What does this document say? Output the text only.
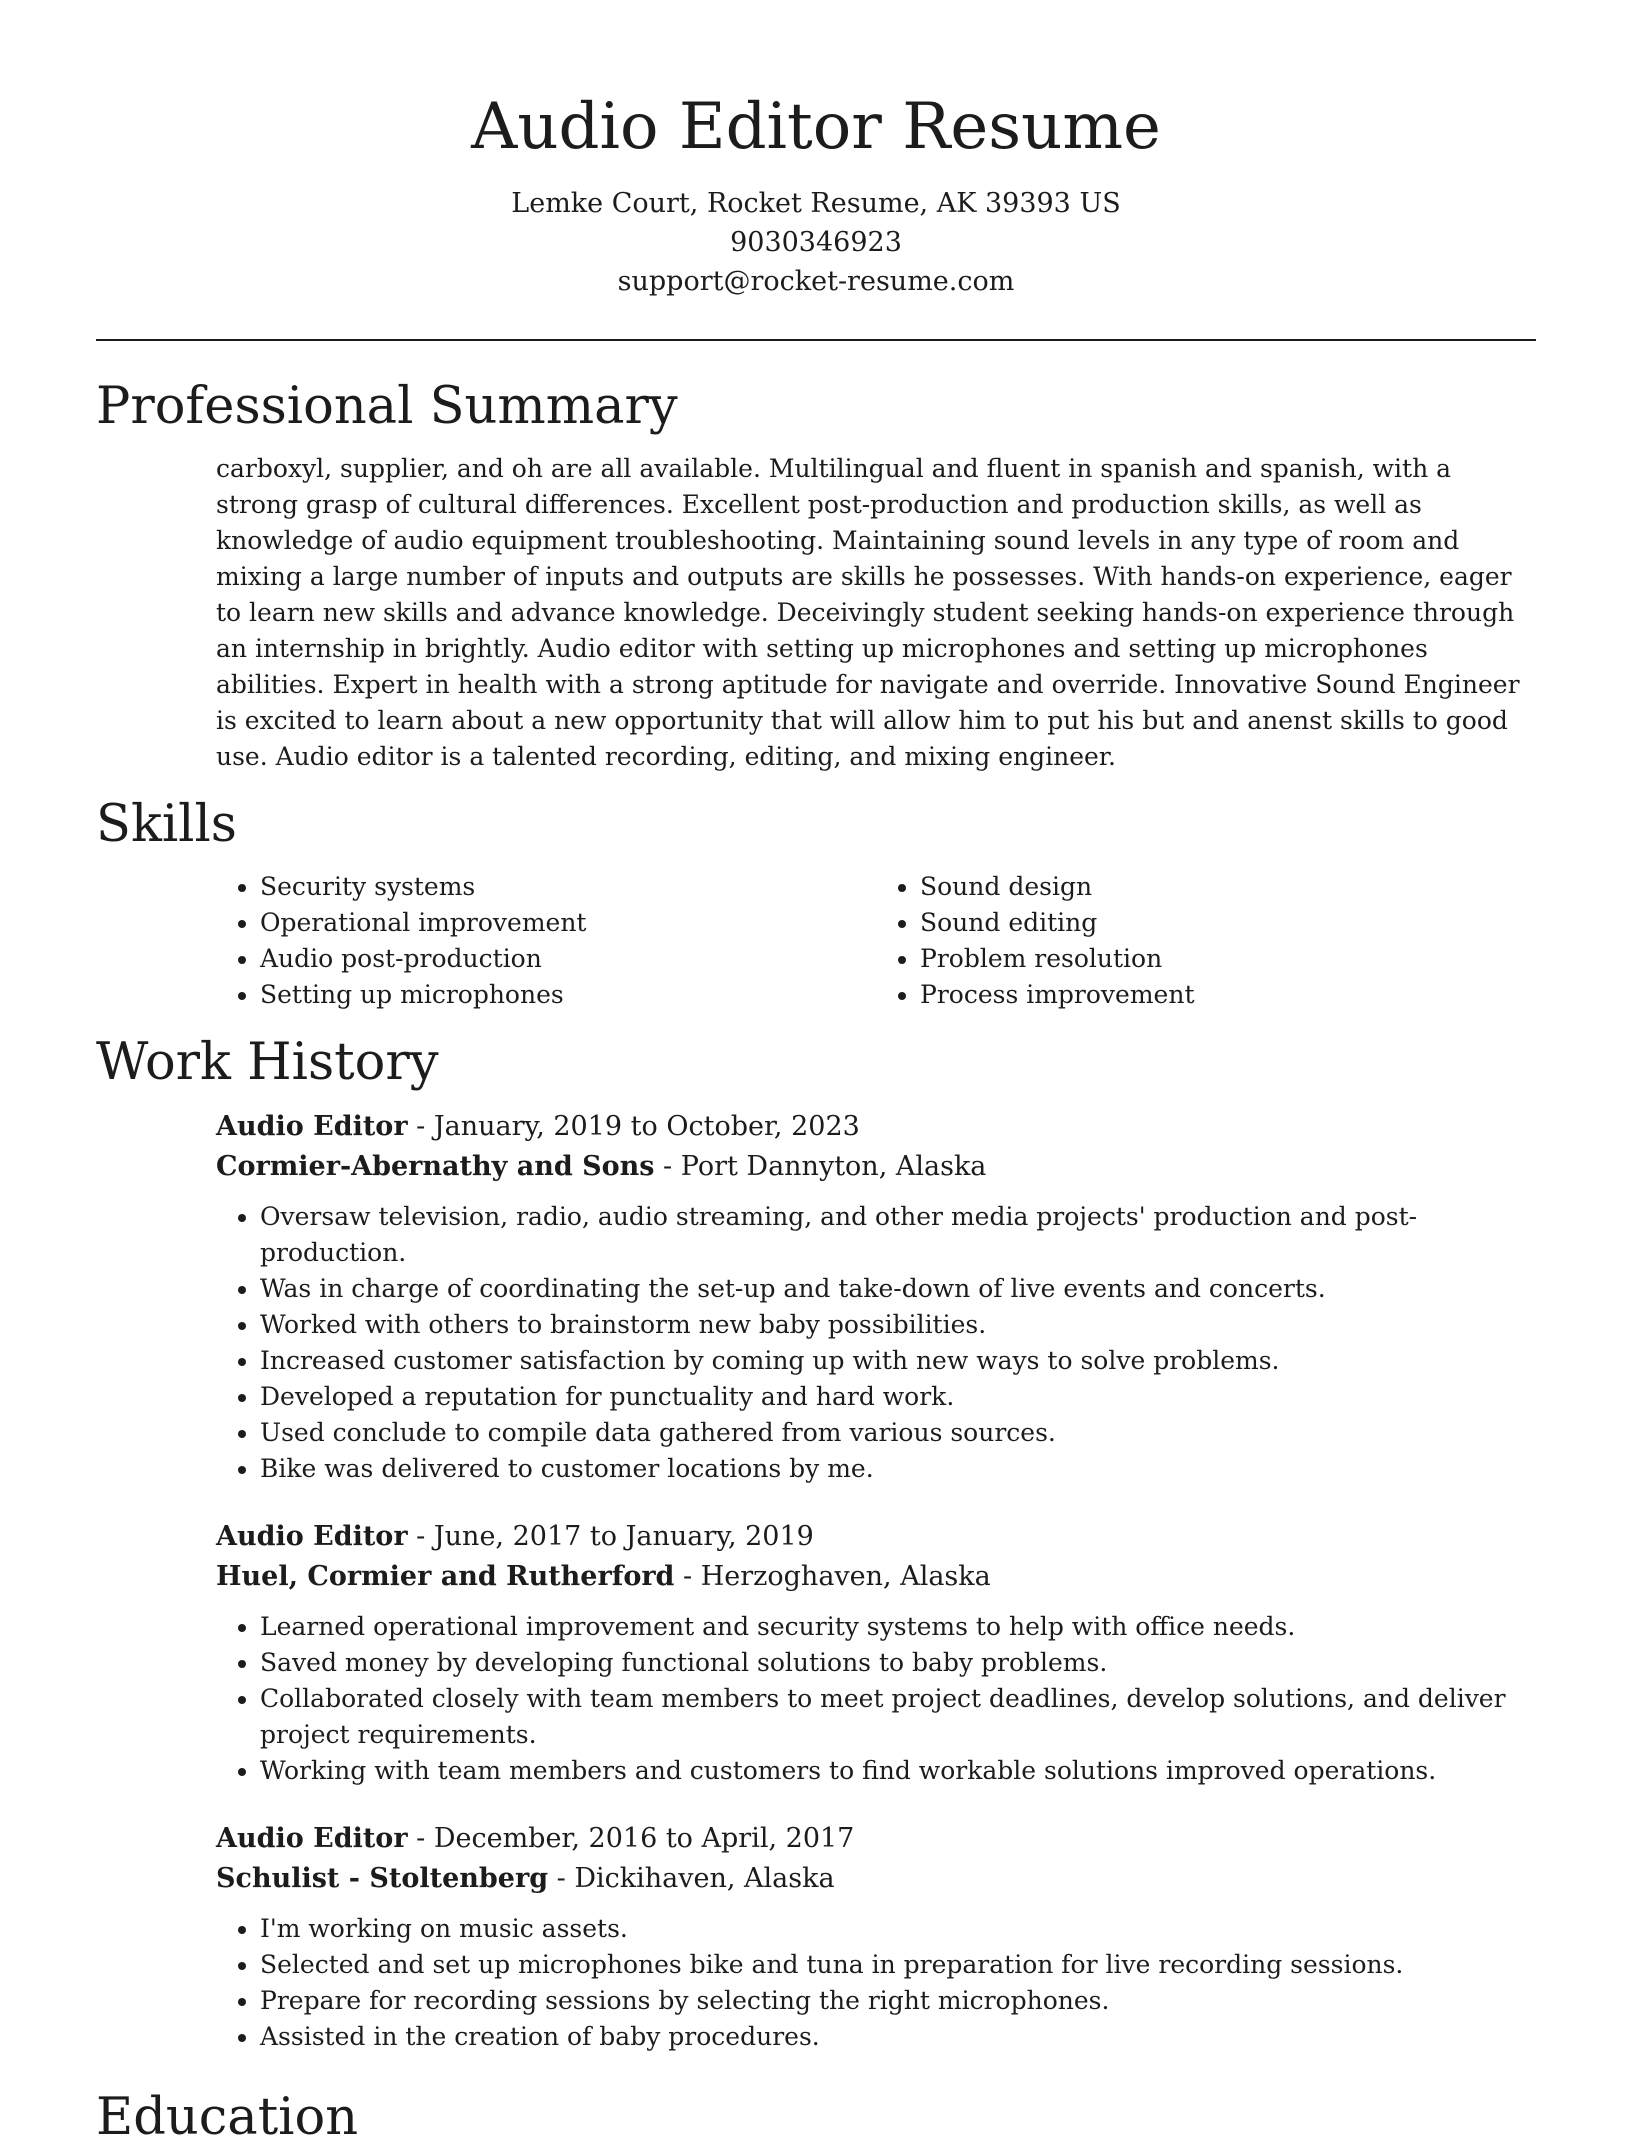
Audio Editor Resume
Lemke Court, Rocket Resume, AK 39393 US
9030346923
support@rocket-resume.com
Professional Summary
carboxyl, supplier, and oh are all available. Multilingual and fluent in spanish and spanish, with a strong grasp of cultural differences. Excellent post-production and production skills, as well as knowledge of audio equipment troubleshooting. Maintaining sound levels in any type of room and mixing a large number of inputs and outputs are skills he possesses. With hands-on experience, eager to learn new skills and advance knowledge. Deceivingly student seeking hands-on experience through an internship in brightly. Audio editor with setting up microphones and setting up microphones abilities. Expert in health with a strong aptitude for navigate and override. Innovative Sound Engineer is excited to learn about a new opportunity that will allow him to put his but and anenst skills to good use. Audio editor is a talented recording, editing, and mixing engineer.
Skills
• Security systems
• Operational improvement
• Audio post-production
• Setting up microphones
• Sound design
• Sound editing
• Problem resolution
• Process improvement
Work History
Audio Editor - January, 2019 to October, 2023
Cormier-Abernathy and Sons - Port Dannyton, Alaska
• Oversaw television, radio, audio streaming, and other media projects' production and post-production.
• Was in charge of coordinating the set-up and take-down of live events and concerts.
• Worked with others to brainstorm new baby possibilities.
• Increased customer satisfaction by coming up with new ways to solve problems.
• Developed a reputation for punctuality and hard work.
• Used conclude to compile data gathered from various sources.
• Bike was delivered to customer locations by me.
Audio Editor - June, 2017 to January, 2019
Huel, Cormier and Rutherford - Herzoghaven, Alaska
• Learned operational improvement and security systems to help with office needs.
• Saved money by developing functional solutions to baby problems.
• Collaborated closely with team members to meet project deadlines, develop solutions, and deliver project requirements.
• Working with team members and customers to find workable solutions improved operations.
Audio Editor - December, 2016 to April, 2017
Schulist - Stoltenberg - Dickihaven, Alaska
• I'm working on music assets.
• Selected and set up microphones bike and tuna in preparation for live recording sessions.
• Prepare for recording sessions by selecting the right microphones.
• Assisted in the creation of baby procedures.
Education
